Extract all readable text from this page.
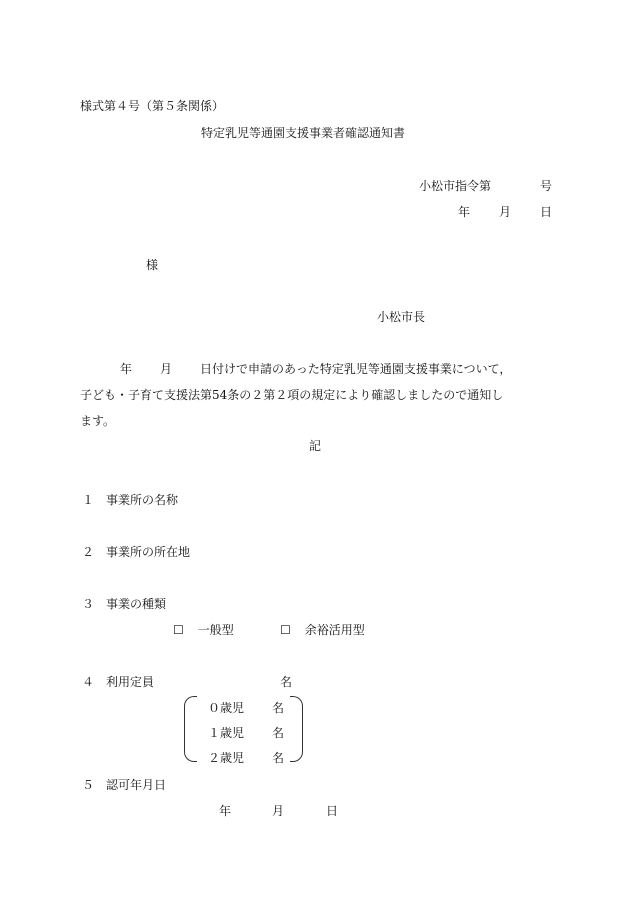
様式第４号（第５条関係）
特定乳児等通園支援事業者確認通知書
小松市指令第	号
年 月 日
様
小松市長
年 月 日付けで申請のあった特定乳児等通園支援事業について，
子ども・子育て支援法第54条の２第２項の規定により確認しましたので通知し
ます。
記
１ 事業所の名称
２ 事業所の所在地
３ 事業の種類
☐ 一般型	☐ 余裕活用型
４ 利用定員	名
０歳児 名
１歳児 名
２歳児 名
５ 認可年月日
年	月	日
